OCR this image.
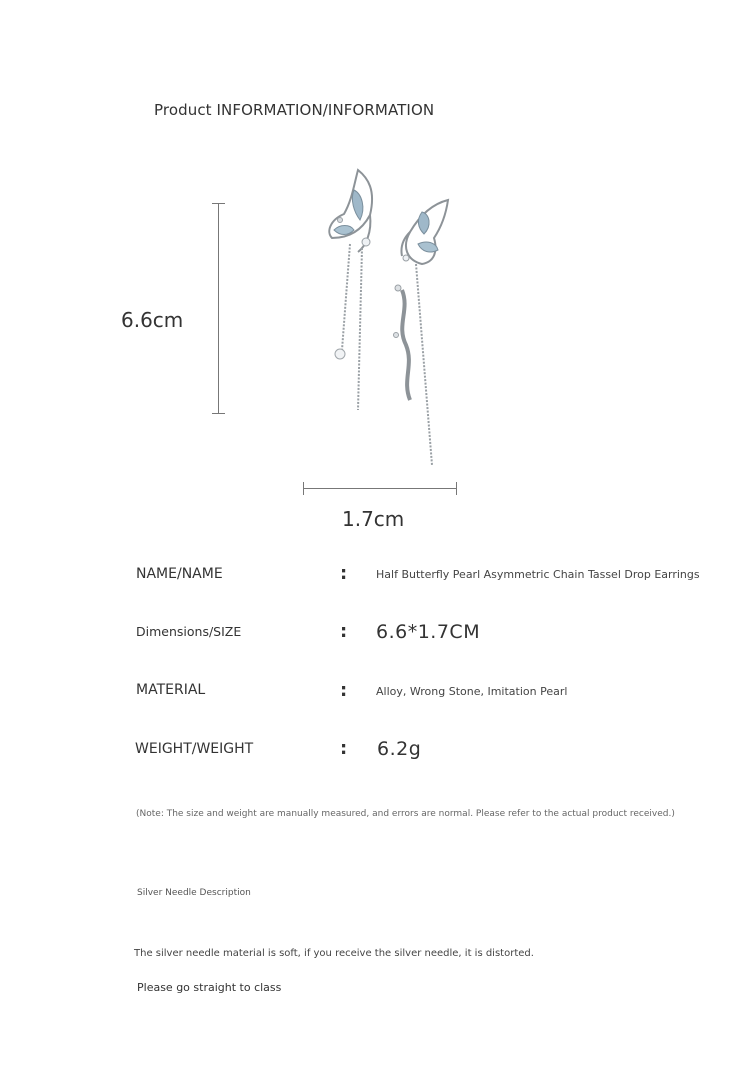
Product INFORMATION/INFORMATION
6.6cm
1.7cm
NAME/NAME	:	Half Butterfly Pearl Asymmetric Chain Tassel Drop Earrings
Dimensions/SIZE	: 6.6*1.7CM
MATERIAL	:	Alloy, Wrong Stone, Imitation Pearl
WEIGHT/WEIGHT	: 6.2g
(Note: The size and weight are manually measured, and errors are normal. Please refer to the actual product received.)
Silver Needle Description
The silver needle material is soft, if you receive the silver needle, it is distorted.
Please go straight to class
